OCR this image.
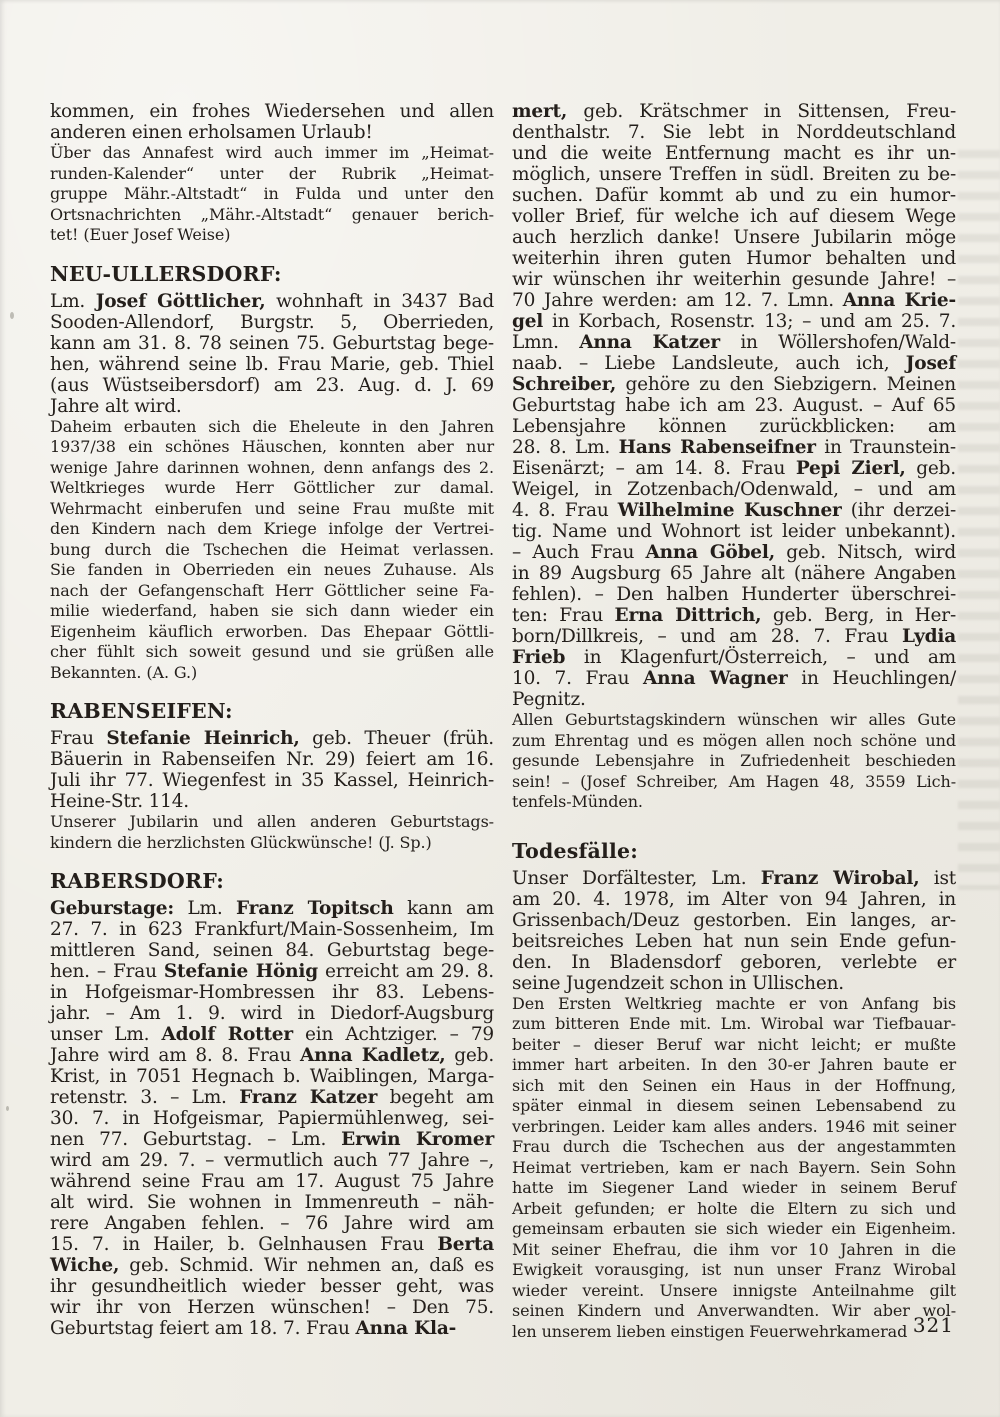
kommen, ein frohes Wiedersehen und allen
anderen einen erholsamen Urlaub!
Über das Annafest wird auch immer im „Heimat-
runden-Kalender“ unter der Rubrik „Heimat-
gruppe Mähr.-Altstadt“ in Fulda und unter den
Ortsnachrichten „Mähr.-Altstadt“ genauer berich-
tet! (Euer Josef Weise)
NEU-ULLERSDORF:
Lm. Josef Göttlicher, wohnhaft in 3437 Bad
Sooden-Allendorf, Burgstr. 5, Oberrieden,
kann am 31. 8. 78 seinen 75. Geburtstag bege-
hen, während seine lb. Frau Marie, geb. Thiel
(aus Wüstseibersdorf) am 23. Aug. d. J. 69
Jahre alt wird.
Daheim erbauten sich die Eheleute in den Jahren
1937/38 ein schönes Häuschen, konnten aber nur
wenige Jahre darinnen wohnen, denn anfangs des 2.
Weltkrieges wurde Herr Göttlicher zur damal.
Wehrmacht einberufen und seine Frau mußte mit
den Kindern nach dem Kriege infolge der Vertrei-
bung durch die Tschechen die Heimat verlassen.
Sie fanden in Oberrieden ein neues Zuhause. Als
nach der Gefangenschaft Herr Göttlicher seine Fa-
milie wiederfand, haben sie sich dann wieder ein
Eigenheim käuflich erworben. Das Ehepaar Göttli-
cher fühlt sich soweit gesund und sie grüßen alle
Bekannten. (A. G.)
RABENSEIFEN:
Frau Stefanie Heinrich, geb. Theuer (früh.
Bäuerin in Rabenseifen Nr. 29) feiert am 16.
Juli ihr 77. Wiegenfest in 35 Kassel, Heinrich-
Heine-Str. 114.
Unserer Jubilarin und allen anderen Geburtstags-
kindern die herzlichsten Glückwünsche! (J. Sp.)
RABERSDORF:
Geburstage: Lm. Franz Topitsch kann am
27. 7. in 623 Frankfurt/Main-Sossenheim, Im
mittleren Sand, seinen 84. Geburtstag bege-
hen. – Frau Stefanie Hönig erreicht am 29. 8.
in Hofgeismar-Hombressen ihr 83. Lebens-
jahr. – Am 1. 9. wird in Diedorf-Augsburg
unser Lm. Adolf Rotter ein Achtziger. – 79
Jahre wird am 8. 8. Frau Anna Kadletz, geb.
Krist, in 7051 Hegnach b. Waiblingen, Marga-
retenstr. 3. – Lm. Franz Katzer begeht am
30. 7. in Hofgeismar, Papiermühlenweg, sei-
nen 77. Geburtstag. – Lm. Erwin Kromer
wird am 29. 7. – vermutlich auch 77 Jahre –,
während seine Frau am 17. August 75 Jahre
alt wird. Sie wohnen in Immenreuth – näh-
rere Angaben fehlen. – 76 Jahre wird am
15. 7. in Hailer, b. Gelnhausen Frau Berta
Wiche, geb. Schmid. Wir nehmen an, daß es
ihr gesundheitlich wieder besser geht, was
wir ihr von Herzen wünschen! – Den 75.
Geburtstag feiert am 18. 7. Frau Anna Kla-
mert, geb. Krätschmer in Sittensen, Freu-
denthalstr. 7. Sie lebt in Norddeutschland
und die weite Entfernung macht es ihr un-
möglich, unsere Treffen in südl. Breiten zu be-
suchen. Dafür kommt ab und zu ein humor-
voller Brief, für welche ich auf diesem Wege
auch herzlich danke! Unsere Jubilarin möge
weiterhin ihren guten Humor behalten und
wir wünschen ihr weiterhin gesunde Jahre! –
70 Jahre werden: am 12. 7. Lmn. Anna Krie-
gel in Korbach, Rosenstr. 13; – und am 25. 7.
Lmn. Anna Katzer in Wöllershofen/Wald-
naab. – Liebe Landsleute, auch ich, Josef
Schreiber, gehöre zu den Siebzigern. Meinen
Geburtstag habe ich am 23. August. – Auf 65
Lebensjahre können zurückblicken: am
28. 8. Lm. Hans Rabenseifner in Traunstein-
Eisenärzt; – am 14. 8. Frau Pepi Zierl, geb.
Weigel, in Zotzenbach/Odenwald, – und am
4. 8. Frau Wilhelmine Kuschner (ihr derzei-
tig. Name und Wohnort ist leider unbekannt).
– Auch Frau Anna Göbel, geb. Nitsch, wird
in 89 Augsburg 65 Jahre alt (nähere Angaben
fehlen). – Den halben Hunderter überschrei-
ten: Frau Erna Dittrich, geb. Berg, in Her-
born/Dillkreis, – und am 28. 7. Frau Lydia
Frieb in Klagenfurt/Österreich, – und am
10. 7. Frau Anna Wagner in Heuchlingen/
Pegnitz.
Allen Geburtstagskindern wünschen wir alles Gute
zum Ehrentag und es mögen allen noch schöne und
gesunde Lebensjahre in Zufriedenheit beschieden
sein! – (Josef Schreiber, Am Hagen 48, 3559 Lich-
tenfels-Münden.
Todesfälle:
Unser Dorfältester, Lm. Franz Wirobal, ist
am 20. 4. 1978, im Alter von 94 Jahren, in
Grissenbach/Deuz gestorben. Ein langes, ar-
beitsreiches Leben hat nun sein Ende gefun-
den. In Bladensdorf geboren, verlebte er
seine Jugendzeit schon in Ullischen.
Den Ersten Weltkrieg machte er von Anfang bis
zum bitteren Ende mit. Lm. Wirobal war Tiefbauar-
beiter – dieser Beruf war nicht leicht; er mußte
immer hart arbeiten. In den 30-er Jahren baute er
sich mit den Seinen ein Haus in der Hoffnung,
später einmal in diesem seinen Lebensabend zu
verbringen. Leider kam alles anders. 1946 mit seiner
Frau durch die Tschechen aus der angestammten
Heimat vertrieben, kam er nach Bayern. Sein Sohn
hatte im Siegener Land wieder in seinem Beruf
Arbeit gefunden; er holte die Eltern zu sich und
gemeinsam erbauten sie sich wieder ein Eigenheim.
Mit seiner Ehefrau, die ihm vor 10 Jahren in die
Ewigkeit vorausging, ist nun unser Franz Wirobal
wieder vereint. Unsere innigste Anteilnahme gilt
seinen Kindern und Anverwandten. Wir aber wol-
len unserem lieben einstigen Feuerwehrkamerad 321
